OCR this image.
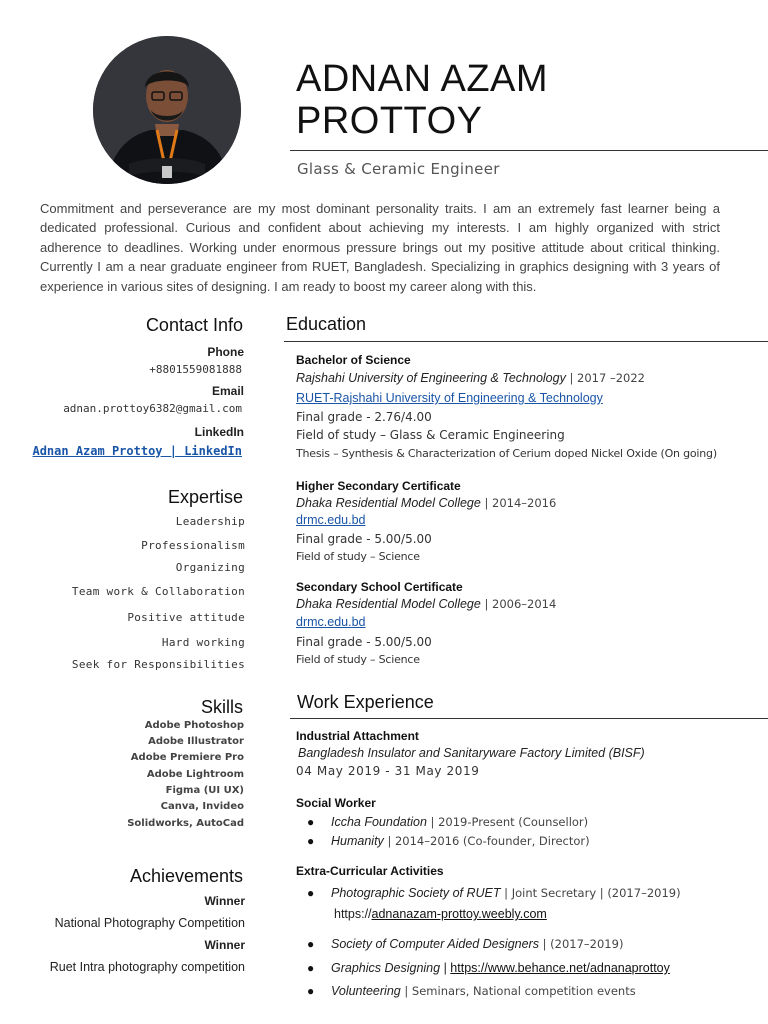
ADNAN AZAM
PROTTOY
Glass & Ceramic Engineer
Commitment and perseverance are my most dominant personality traits. I am an extremely fast learner being a dedicated professional. Curious and confident about achieving my interests. I am highly organized with strict adherence to deadlines. Working under enormous pressure brings out my positive attitude about critical thinking. Currently I am a near graduate engineer from RUET, Bangladesh. Specializing in graphics designing with 3 years of experience in various sites of designing. I am ready to boost my career along with this.
Contact Info
Phone
+8801559081888
Email
adnan.prottoy6382@gmail.com
LinkedIn
Adnan Azam Prottoy | LinkedIn
Expertise
Leadership
Professionalism
Organizing
Team work & Collaboration
Positive attitude
Hard working
Seek for Responsibilities
Skills
Adobe Photoshop
Adobe Illustrator
Adobe Premiere Pro
Adobe Lightroom
Figma (UI UX)
Canva, Invideo
Solidworks, AutoCad
Achievements
Winner
National Photography Competition
Winner
Ruet Intra photography competition
Education
Bachelor of Science
Rajshahi University of Engineering & Technology | 2017 –2022
RUET-Rajshahi University of Engineering & Technology
Final grade - 2.76/4.00
Field of study – Glass & Ceramic Engineering
Thesis – Synthesis & Characterization of Cerium doped Nickel Oxide (On going)
Higher Secondary Certificate
Dhaka Residential Model College | 2014–2016
drmc.edu.bd
Final grade - 5.00/5.00
Field of study – Science
Secondary School Certificate
Dhaka Residential Model College | 2006–2014
drmc.edu.bd
Final grade - 5.00/5.00
Field of study – Science
Work Experience
Industrial Attachment
Bangladesh Insulator and Sanitaryware Factory Limited (BISF)
04 May 2019 - 31 May 2019
Social Worker
● Iccha Foundation | 2019-Present (Counsellor)
● Humanity | 2014–2016 (Co-founder, Director)
Extra-Curricular Activities
● Photographic Society of RUET | Joint Secretary | (2017–2019)
https://adnanazam-prottoy.weebly.com
● Society of Computer Aided Designers | (2017–2019)
● Graphics Designing | https://www.behance.net/adnanaprottoy
● Volunteering | Seminars, National competition events
